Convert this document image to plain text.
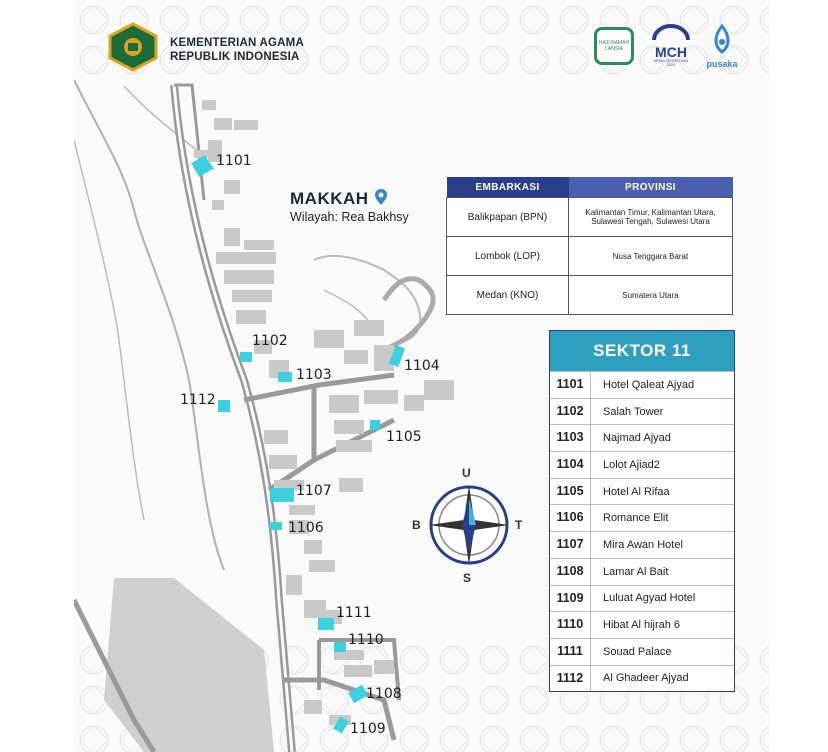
KEMENTERIAN AGAMA
REPUBLIK INDONESIA
HAJI RAMAH LANSIA	MCH
MEDIA CENTER HAJI 2024	pusaka
1101
1102
1103
1104
1105
1106
1107
1108
1109
1110
1111
1112
MAKKAH
Wilayah: Rea Bakhsy
EMBARKASI	PROVINSI
Balikpapan (BPN)	Kalimantan Timur, Kalimantan Utara, Sulawesi Tengah, Sulawesi Utara
Lombok (LOP)	Nusa Tenggara Barat
Medan (KNO)	Sumatera Utara
SEKTOR 11
1101	Hotel Qaleat Ajyad
1102	Salah Tower
1103	Najmad Ajyad
1104	Lolot Ajiad2
1105	Hotel Al Rifaa
1106	Romance Elit
1107	Mira Awan Hotel
1108	Lamar Al Bait
1109	Luluat Agyad Hotel
1110	Hibat Al hijrah 6
1111	Souad Palace
1112	Al Ghadeer Ajyad
U
S
B	T
